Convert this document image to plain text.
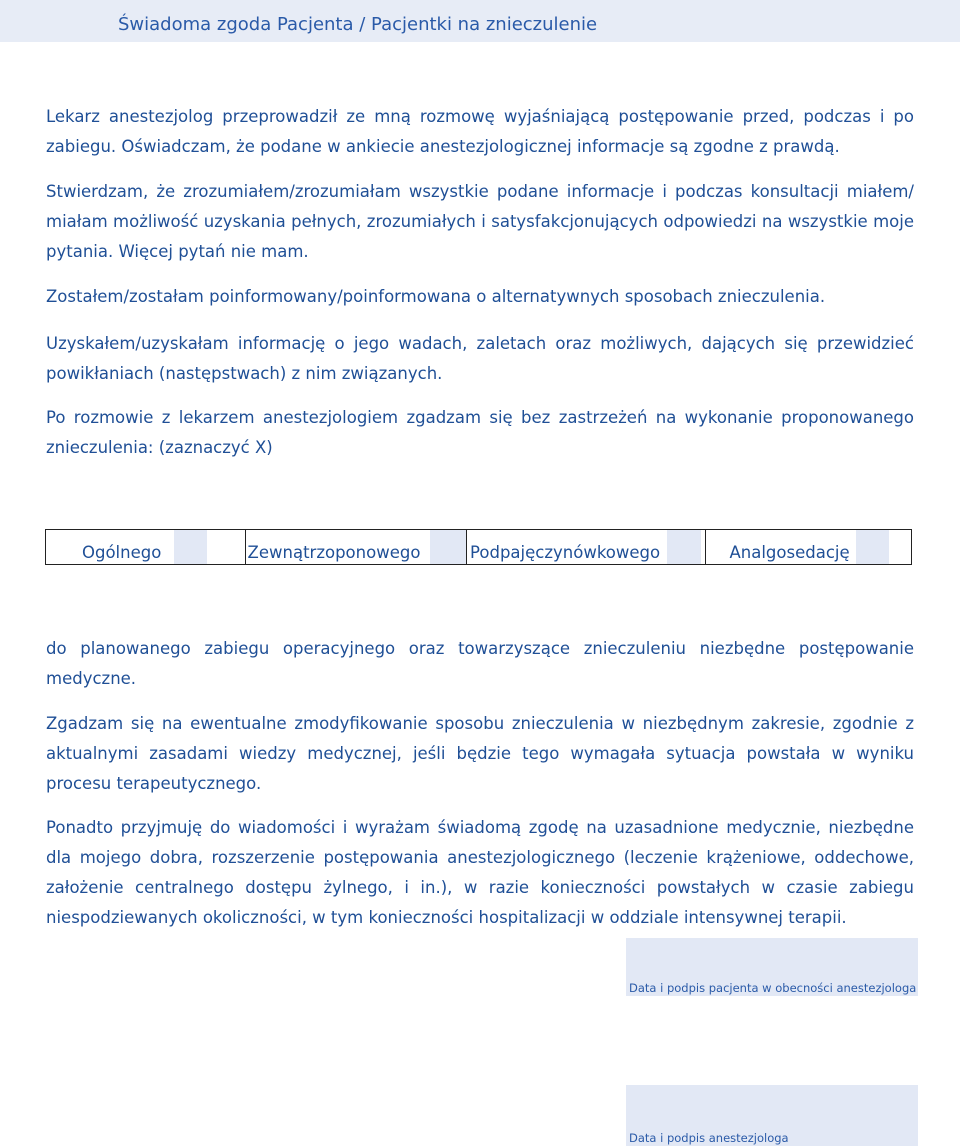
Świadoma zgoda Pacjenta / Pacjentki na znieczulenie

Lekarz anestezjolog przeprowadził ze mną rozmowę wyjaśniającą postępowanie przed, podczas i po zabiegu. Oświadczam, że podane w ankiecie anestezjologicznej informacje są zgodne z prawdą.

Stwierdzam, że zrozumiałem/zrozumiałam wszystkie podane informacje i podczas konsultacji miałem/ miałam możliwość uzyskania pełnych, zrozumiałych i satysfakcjonujących odpowiedzi na wszystkie moje pytania. Więcej pytań nie mam.

Zostałem/zostałam poinformowany/poinformowana o alternatywnych sposobach znieczulenia.

Uzyskałem/uzyskałam informację o jego wadach, zaletach oraz możliwych, dających się przewidzieć powikłaniach (następstwach) z nim związanych.

Po rozmowie z lekarzem anestezjologiem zgadzam się bez zastrzeżeń na wykonanie proponowanego znieczulenia: (zaznaczyć X)

Ogólnego	Zewnątrzoponowego	Podpajęczynówkowego	Analgosedację

do planowanego zabiegu operacyjnego oraz towarzyszące znieczuleniu niezbędne postępowanie medyczne.

Zgadzam się na ewentualne zmodyfikowanie sposobu znieczulenia w niezbędnym zakresie, zgodnie z aktualnymi zasadami wiedzy medycznej, jeśli będzie tego wymagała sytuacja powstała w wyniku procesu terapeutycznego.

Ponadto przyjmuję do wiadomości i wyrażam świadomą zgodę na uzasadnione medycznie, niezbędne dla mojego dobra, rozszerzenie postępowania anestezjologicznego (leczenie krążeniowe, oddechowe, założenie centralnego dostępu żylnego, i in.), w razie konieczności powstałych w czasie zabiegu niespodziewanych okoliczności, w tym konieczności hospitalizacji w oddziale intensywnej terapii.

Data i podpis pacjenta w obecności anestezjologa
Data i podpis anestezjologa
